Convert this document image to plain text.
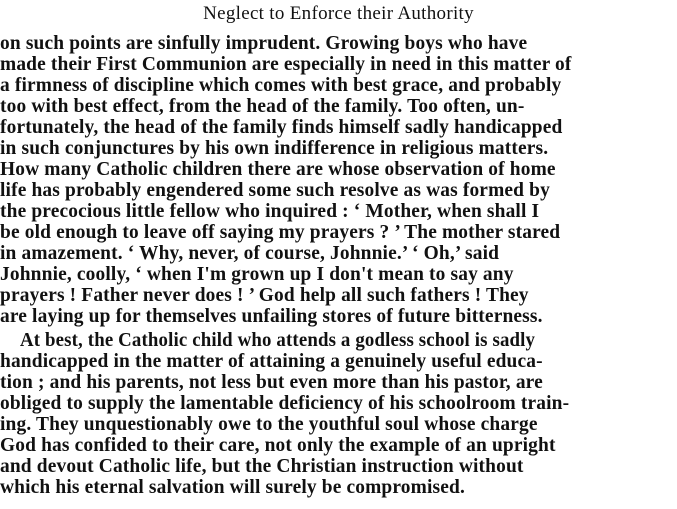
Neglect to Enforce their Authority
on such points are sinfully imprudent. Growing boys who have
made their First Communion are especially in need in this matter of
a firmness of discipline which comes with best grace, and probably
too with best effect, from the head of the family. Too often, un-
fortunately, the head of the family finds himself sadly handicapped
in such conjunctures by his own indifference in religious matters.
How many Catholic children there are whose observation of home
life has probably engendered some such resolve as was formed by
the precocious little fellow who inquired : ‘ Mother, when shall I
be old enough to leave off saying my prayers ? ’ The mother stared
in amazement. ‘ Why, never, of course, Johnnie.’ ‘ Oh,’ said
Johnnie, coolly, ‘ when I'm grown up I don't mean to say any
prayers ! Father never does ! ’ God help all such fathers ! They
are laying up for themselves unfailing stores of future bitterness.
At best, the Catholic child who attends a godless school is sadly
handicapped in the matter of attaining a genuinely useful educa-
tion ; and his parents, not less but even more than his pastor, are
obliged to supply the lamentable deficiency of his schoolroom train-
ing. They unquestionably owe to the youthful soul whose charge
God has confided to their care, not only the example of an upright
and devout Catholic life, but the Christian instruction without
which his eternal salvation will surely be compromised.
